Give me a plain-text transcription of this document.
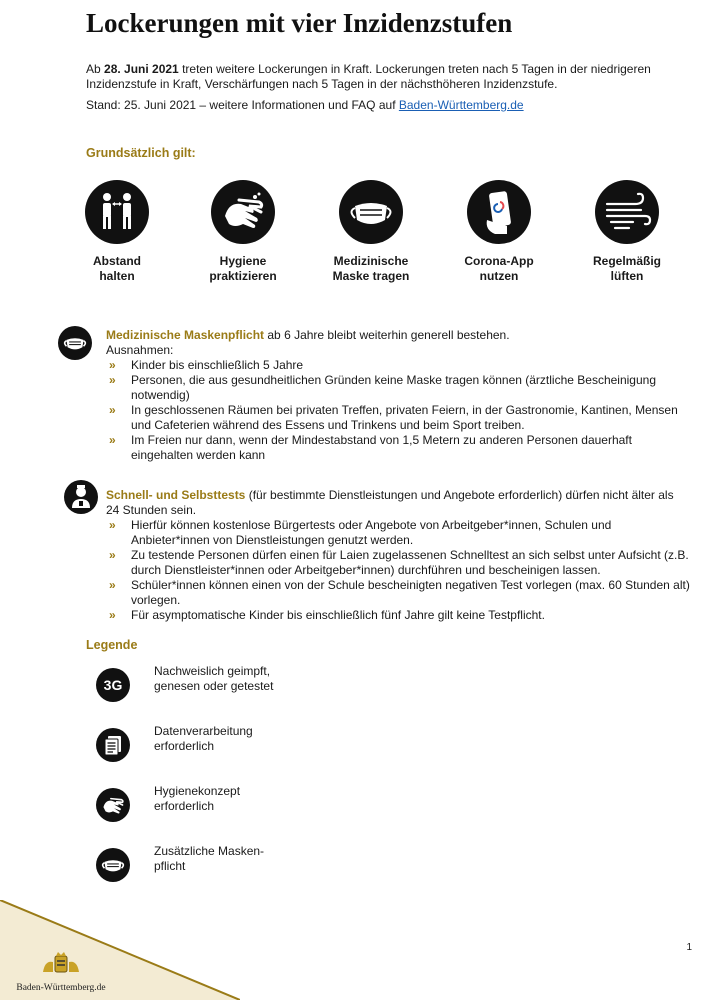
Lockerungen mit vier Inzidenzstufen

Ab 28. Juni 2021 treten weitere Lockerungen in Kraft. Lockerungen treten nach 5 Tagen in der niedrigeren Inzidenzstufe in Kraft, Verschärfungen nach 5 Tagen in der nächsthöheren Inzidenzstufe.

Stand: 25. Juni 2021 – weitere Informationen und FAQ auf Baden-Württemberg.de

Grundsätzlich gilt:

Abstand
halten
Hygiene
praktizieren
Medizinische
Maske tragen
Corona-App
nutzen
Regelmäßig
lüften

Medizinische Maskenpflicht ab 6 Jahre bleibt weiterhin generell bestehen.

Ausnahmen:

» Kinder bis einschließlich 5 Jahre
» Personen, die aus gesundheitlichen Gründen keine Maske tragen können (ärztliche Bescheinigung notwendig)
» In geschlossenen Räumen bei privaten Treffen, privaten Feiern, in der Gastronomie, Kantinen, Mensen und Cafeterien während des Essens und Trinkens und beim Sport treiben.
» Im Freien nur dann, wenn der Mindestabstand von 1,5 Metern zu anderen Personen dauerhaft eingehalten werden kann

Schnell- und Selbsttests (für bestimmte Dienstleistungen und Angebote erforderlich) dürfen nicht älter als 24 Stunden sein.

» Hierfür können kostenlose Bürgertests oder Angebote von Arbeitgeber*innen, Schulen und Anbieter*innen von Dienstleistungen genutzt werden.
» Zu testende Personen dürfen einen für Laien zugelassenen Schnelltest an sich selbst unter Aufsicht (z.B. durch Dienstleister*innen oder Arbeitgeber*innen) durchführen und bescheinigen lassen.
» Schüler*innen können einen von der Schule bescheinigten negativen Test vorlegen (max. 60 Stunden alt) vorlegen.
» Für asymptomatische Kinder bis einschließlich fünf Jahre gilt keine Testpflicht.

Legende

3G
Nachweislich geimpft,
genesen oder getestet
Datenverarbeitung
erforderlich
Hygienekonzept
erforderlich
Zusätzliche Masken-
pflicht
Baden-Württemberg.de
1
